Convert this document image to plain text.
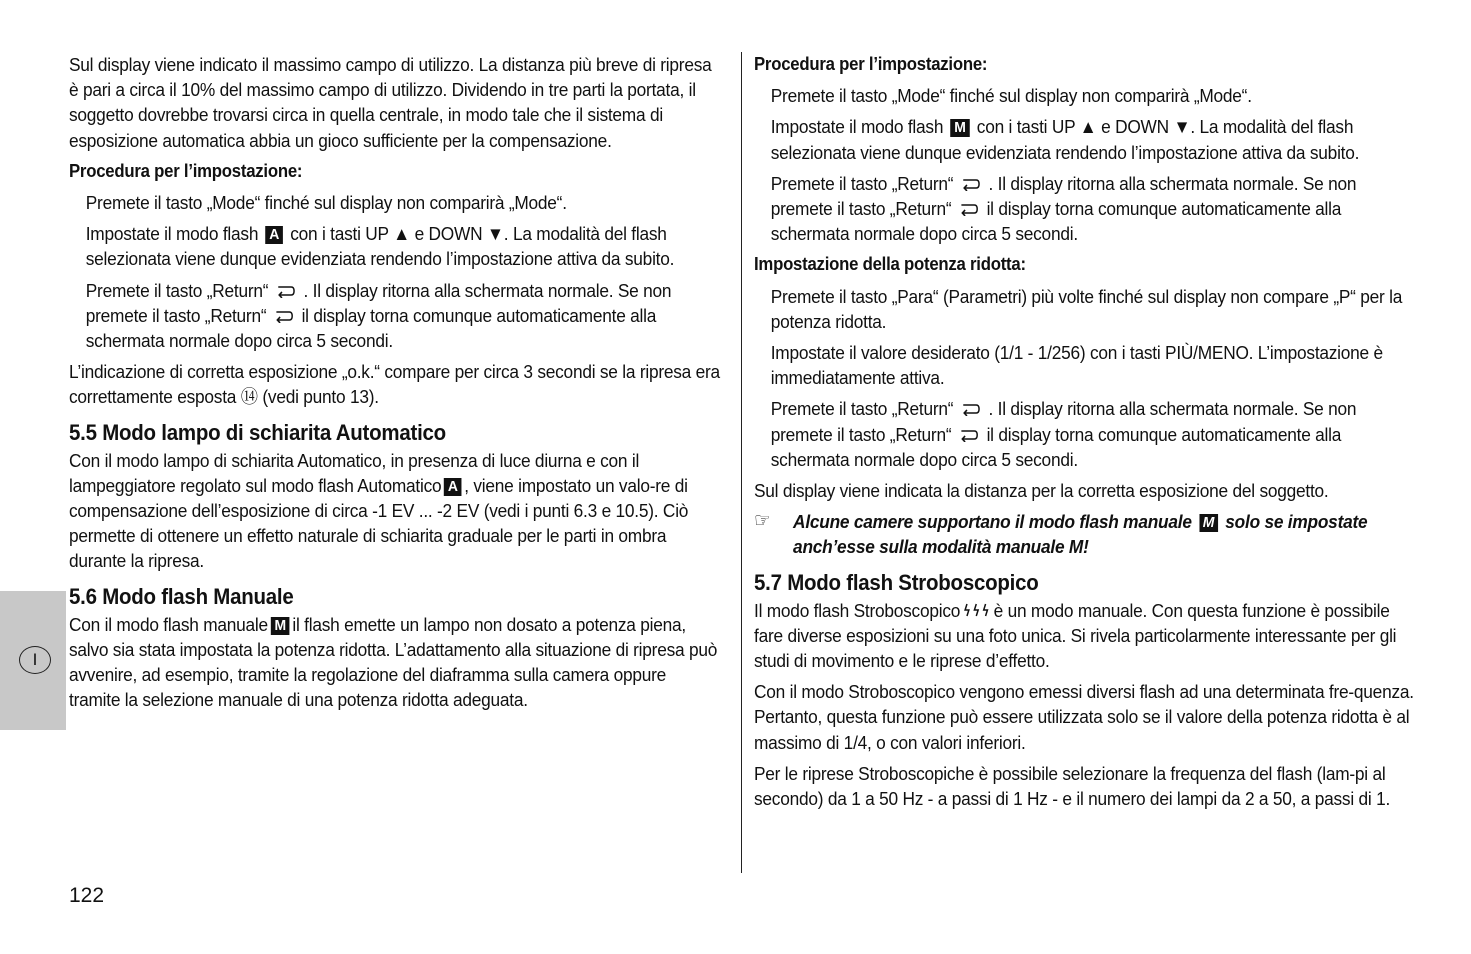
I

Sul display viene indicato il massimo campo di utilizzo. La distanza più breve di ripresa è pari a circa il 10% del massimo campo di utilizzo. Dividendo in tre parti la portata, il soggetto dovrebbe trovarsi circa in quella centrale, in modo tale che il sistema di esposizione automatica abbia un gioco sufficiente per la compensazione.

Procedura per l’impostazione:
Premete il tasto „Mode“ finché sul display non comparirà „Mode“.
Impostate il modo flash A con i tasti UP ▲ e DOWN ▼. La modalità del flash selezionata viene dunque evidenziata rendendo l’impostazione attiva da subito.
Premete il tasto „Return“ . Il display ritorna alla schermata normale. Se non premete il tasto „Return“ il display torna comunque automaticamente alla schermata normale dopo circa 5 secondi.

L’indicazione di corretta esposizione „o.k.“ compare per circa 3 secondi se la ripresa era correttamente esposta ⑭ (vedi punto 13).

5.5 Modo lampo di schiarita Automatico

Con il modo lampo di schiarita Automatico, in presenza di luce diurna e con il lampeggiatore regolato sul modo flash Automatico A , viene impostato un valo-re di compensazione dell’esposizione di circa -1 EV ... -2 EV (vedi i punti 6.3 e 10.5). Ciò permette di ottenere un effetto naturale di schiarita graduale per le parti in ombra durante la ripresa.

5.6 Modo flash Manuale

Con il modo flash manuale M il flash emette un lampo non dosato a potenza piena, salvo sia stata impostata la potenza ridotta. L’adattamento alla situazione di ripresa può avvenire, ad esempio, tramite la regolazione del diaframma sulla camera oppure tramite la selezione manuale di una potenza ridotta adeguata.

Procedura per l’impostazione:
Premete il tasto „Mode“ finché sul display non comparirà „Mode“.
Impostate il modo flash M con i tasti UP ▲ e DOWN ▼. La modalità del flash selezionata viene dunque evidenziata rendendo l’impostazione attiva da subito.
Premete il tasto „Return“ . Il display ritorna alla schermata normale. Se non premete il tasto „Return“ il display torna comunque automaticamente alla schermata normale dopo circa 5 secondi.
Impostazione della potenza ridotta:
Premete il tasto „Para“ (Parametri) più volte finché sul display non compare „P“ per la potenza ridotta.
Impostate il valore desiderato (1/1 - 1/256) con i tasti PIÙ/MENO. L’impostazione è immediatamente attiva.
Premete il tasto „Return“ . Il display ritorna alla schermata normale. Se non premete il tasto „Return“ il display torna comunque automaticamente alla schermata normale dopo circa 5 secondi.

Sul display viene indicata la distanza per la corretta esposizione del soggetto.

☞ Alcune camere supportano il modo flash manuale M solo se impostate anch’esse sulla modalità manuale M!

5.7 Modo flash Stroboscopico

Il modo flash Stroboscopico è un modo manuale. Con questa funzione è possibile fare diverse esposizioni su una foto unica. Si rivela particolarmente interessante per gli studi di movimento e le riprese d’effetto.

Con il modo Stroboscopico vengono emessi diversi flash ad una determinata fre-quenza. Pertanto, questa funzione può essere utilizzata solo se il valore della potenza ridotta è al massimo di 1/4, o con valori inferiori.

Per le riprese Stroboscopiche è possibile selezionare la frequenza del flash (lam-pi al secondo) da 1 a 50 Hz - a passi di 1 Hz - e il numero dei lampi da 2 a 50, a passi di 1.

122
